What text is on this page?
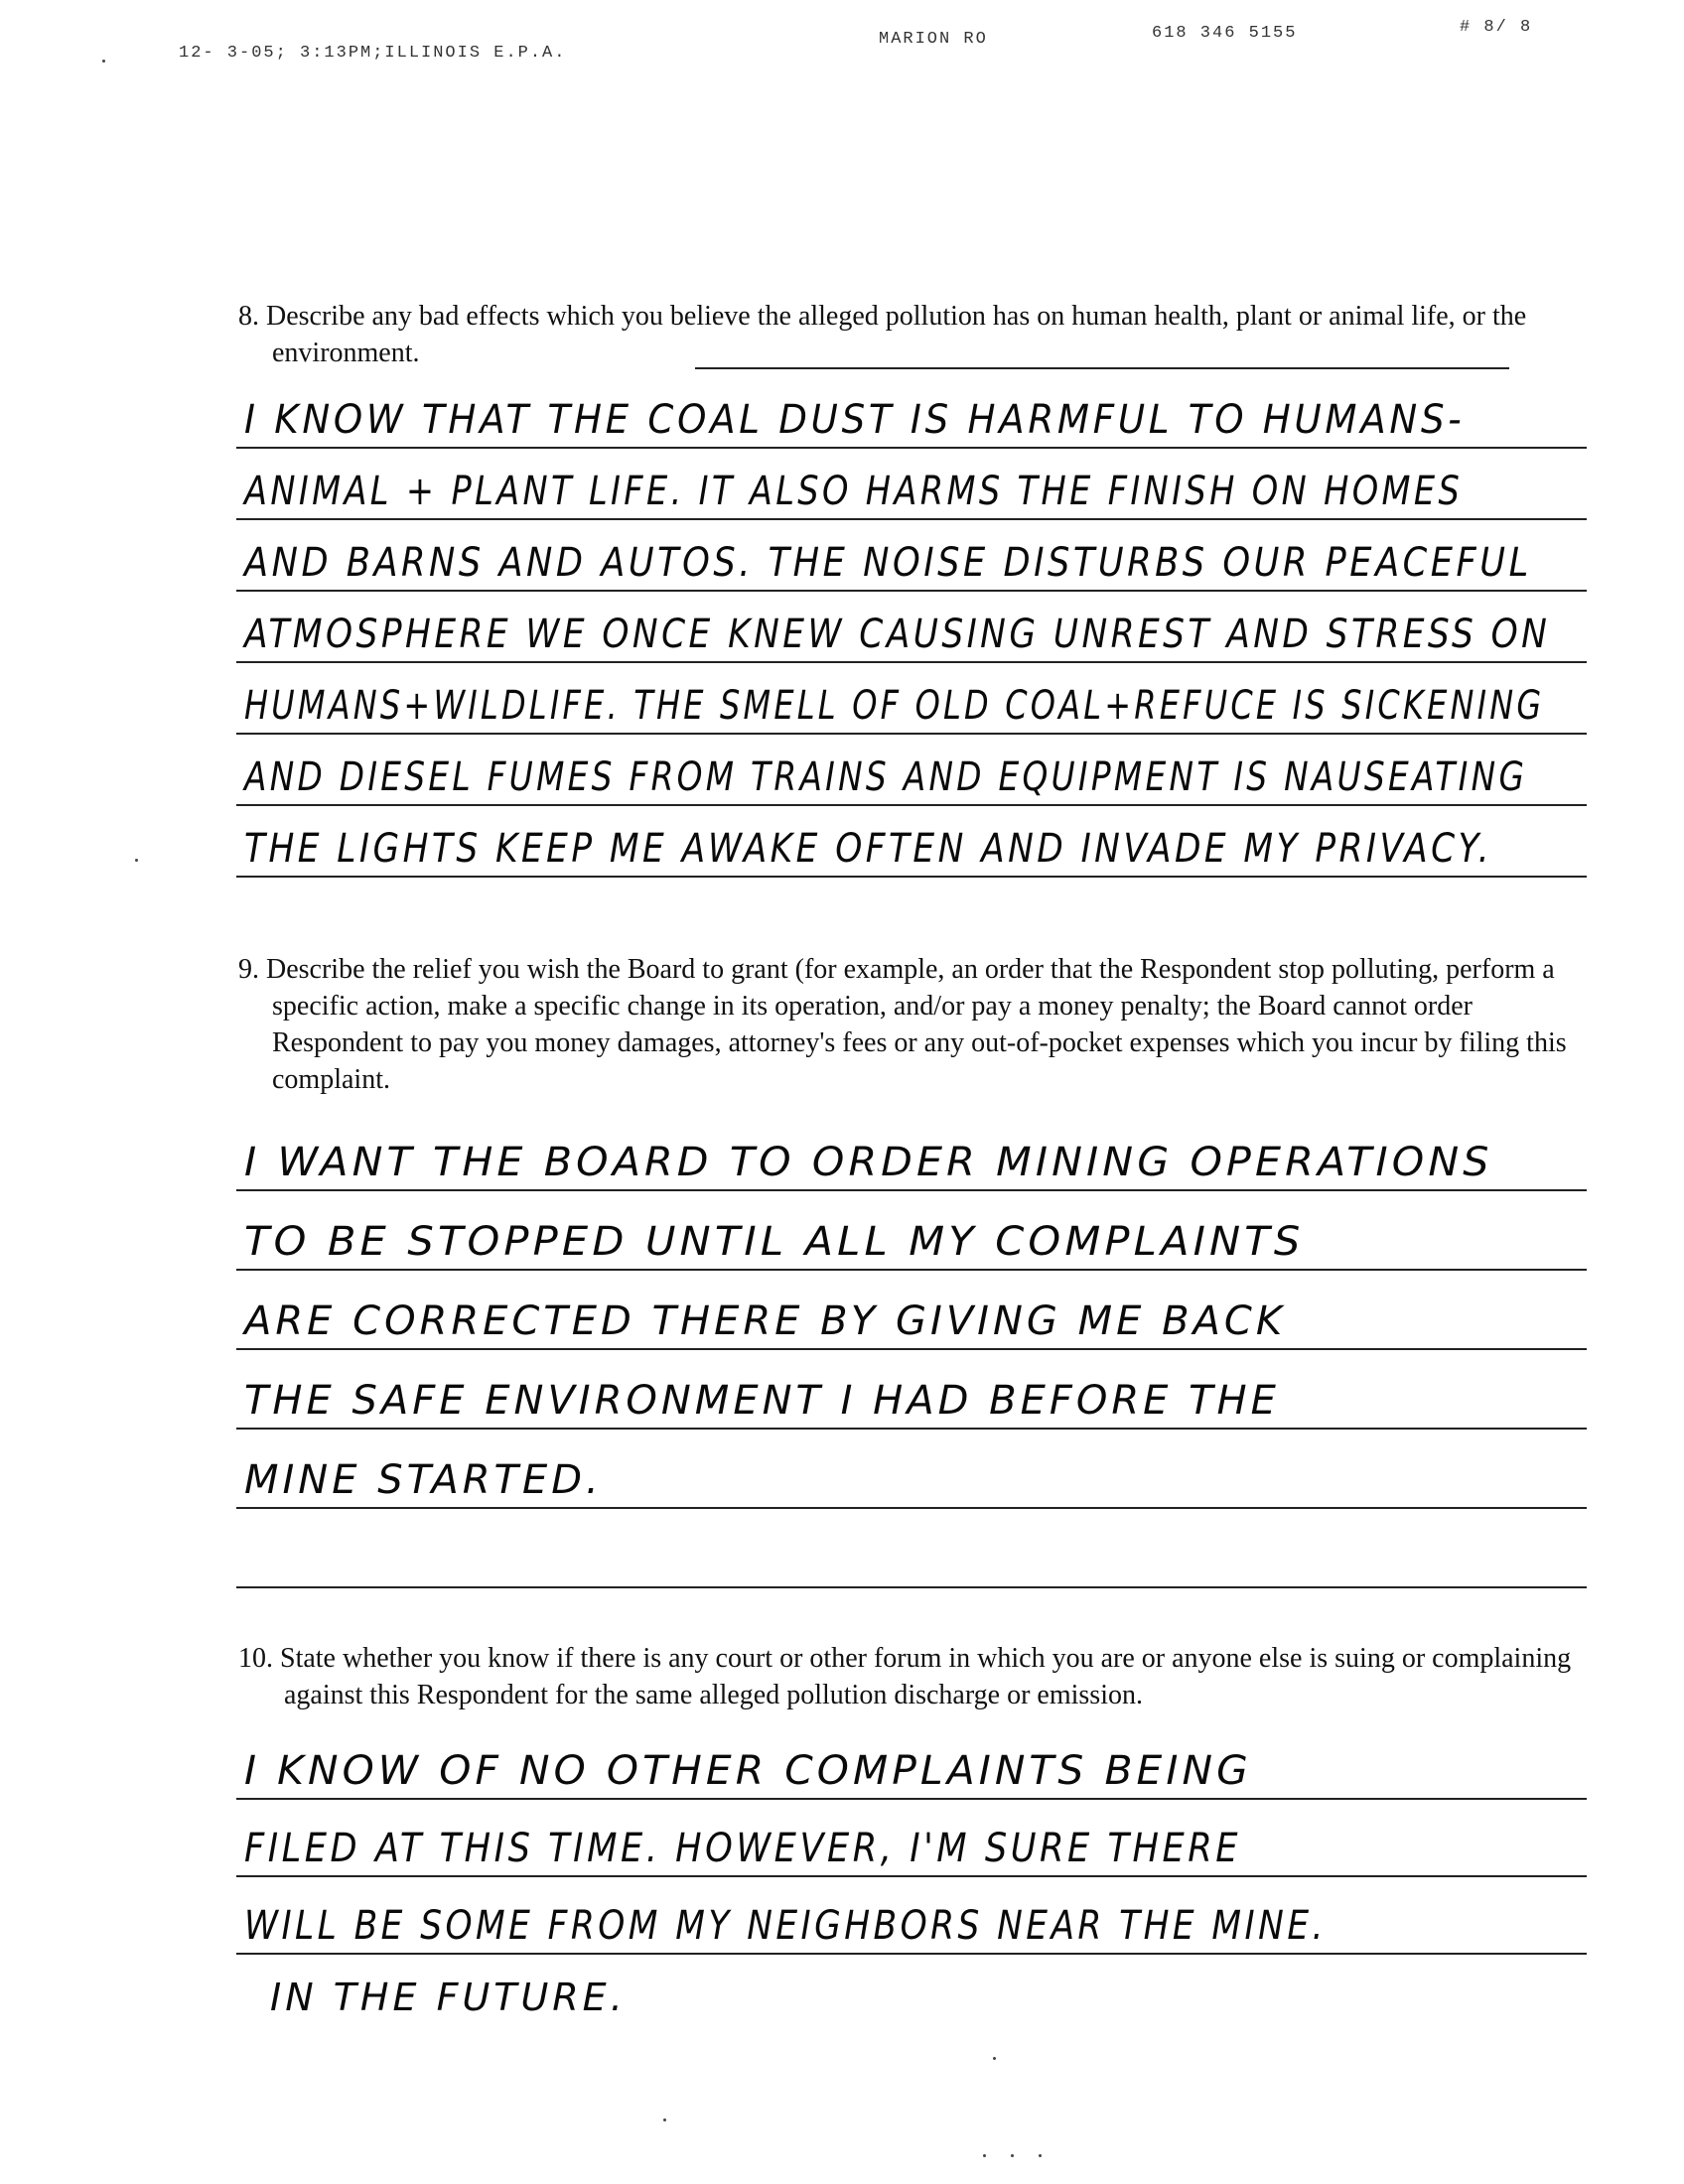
12- 3-05; 3:13PM;ILLINOIS E.P.A.
MARION RO	618 346 5155	# 8/ 8
8. Describe any bad effects which you believe the alleged pollution has on human health, plant or animal life, or the environment.
I KNOW THAT THE COAL DUST IS HARMFUL TO HUMANS-
ANIMAL + PLANT LIFE. IT ALSO HARMS THE FINISH ON HOMES
AND BARNS AND AUTOS. THE NOISE DISTURBS OUR PEACEFUL
ATMOSPHERE WE ONCE KNEW CAUSING UNREST AND STRESS ON
HUMANS+WILDLIFE. THE SMELL OF OLD COAL+REFUCE IS SICKENING
AND DIESEL FUMES FROM TRAINS AND EQUIPMENT IS NAUSEATING
THE LIGHTS KEEP ME AWAKE OFTEN AND INVADE MY PRIVACY.
9. Describe the relief you wish the Board to grant (for example, an order that the Respondent stop polluting, perform a specific action, make a specific change in its operation, and/or pay a money penalty; the Board cannot order Respondent to pay you money damages, attorney's fees or any out-of-pocket expenses which you incur by filing this complaint.
I WANT THE BOARD TO ORDER MINING OPERATIONS
TO BE STOPPED UNTIL ALL MY COMPLAINTS
ARE CORRECTED THERE BY GIVING ME BACK
THE SAFE ENVIRONMENT I HAD BEFORE THE
MINE STARTED.
10. State whether you know if there is any court or other forum in which you are or anyone else is suing or complaining against this Respondent for the same alleged pollution discharge or emission.
I KNOW OF NO OTHER COMPLAINTS BEING
FILED AT THIS TIME. HOWEVER, I'M SURE THERE
WILL BE SOME FROM MY NEIGHBORS NEAR THE MINE.
IN THE FUTURE.
